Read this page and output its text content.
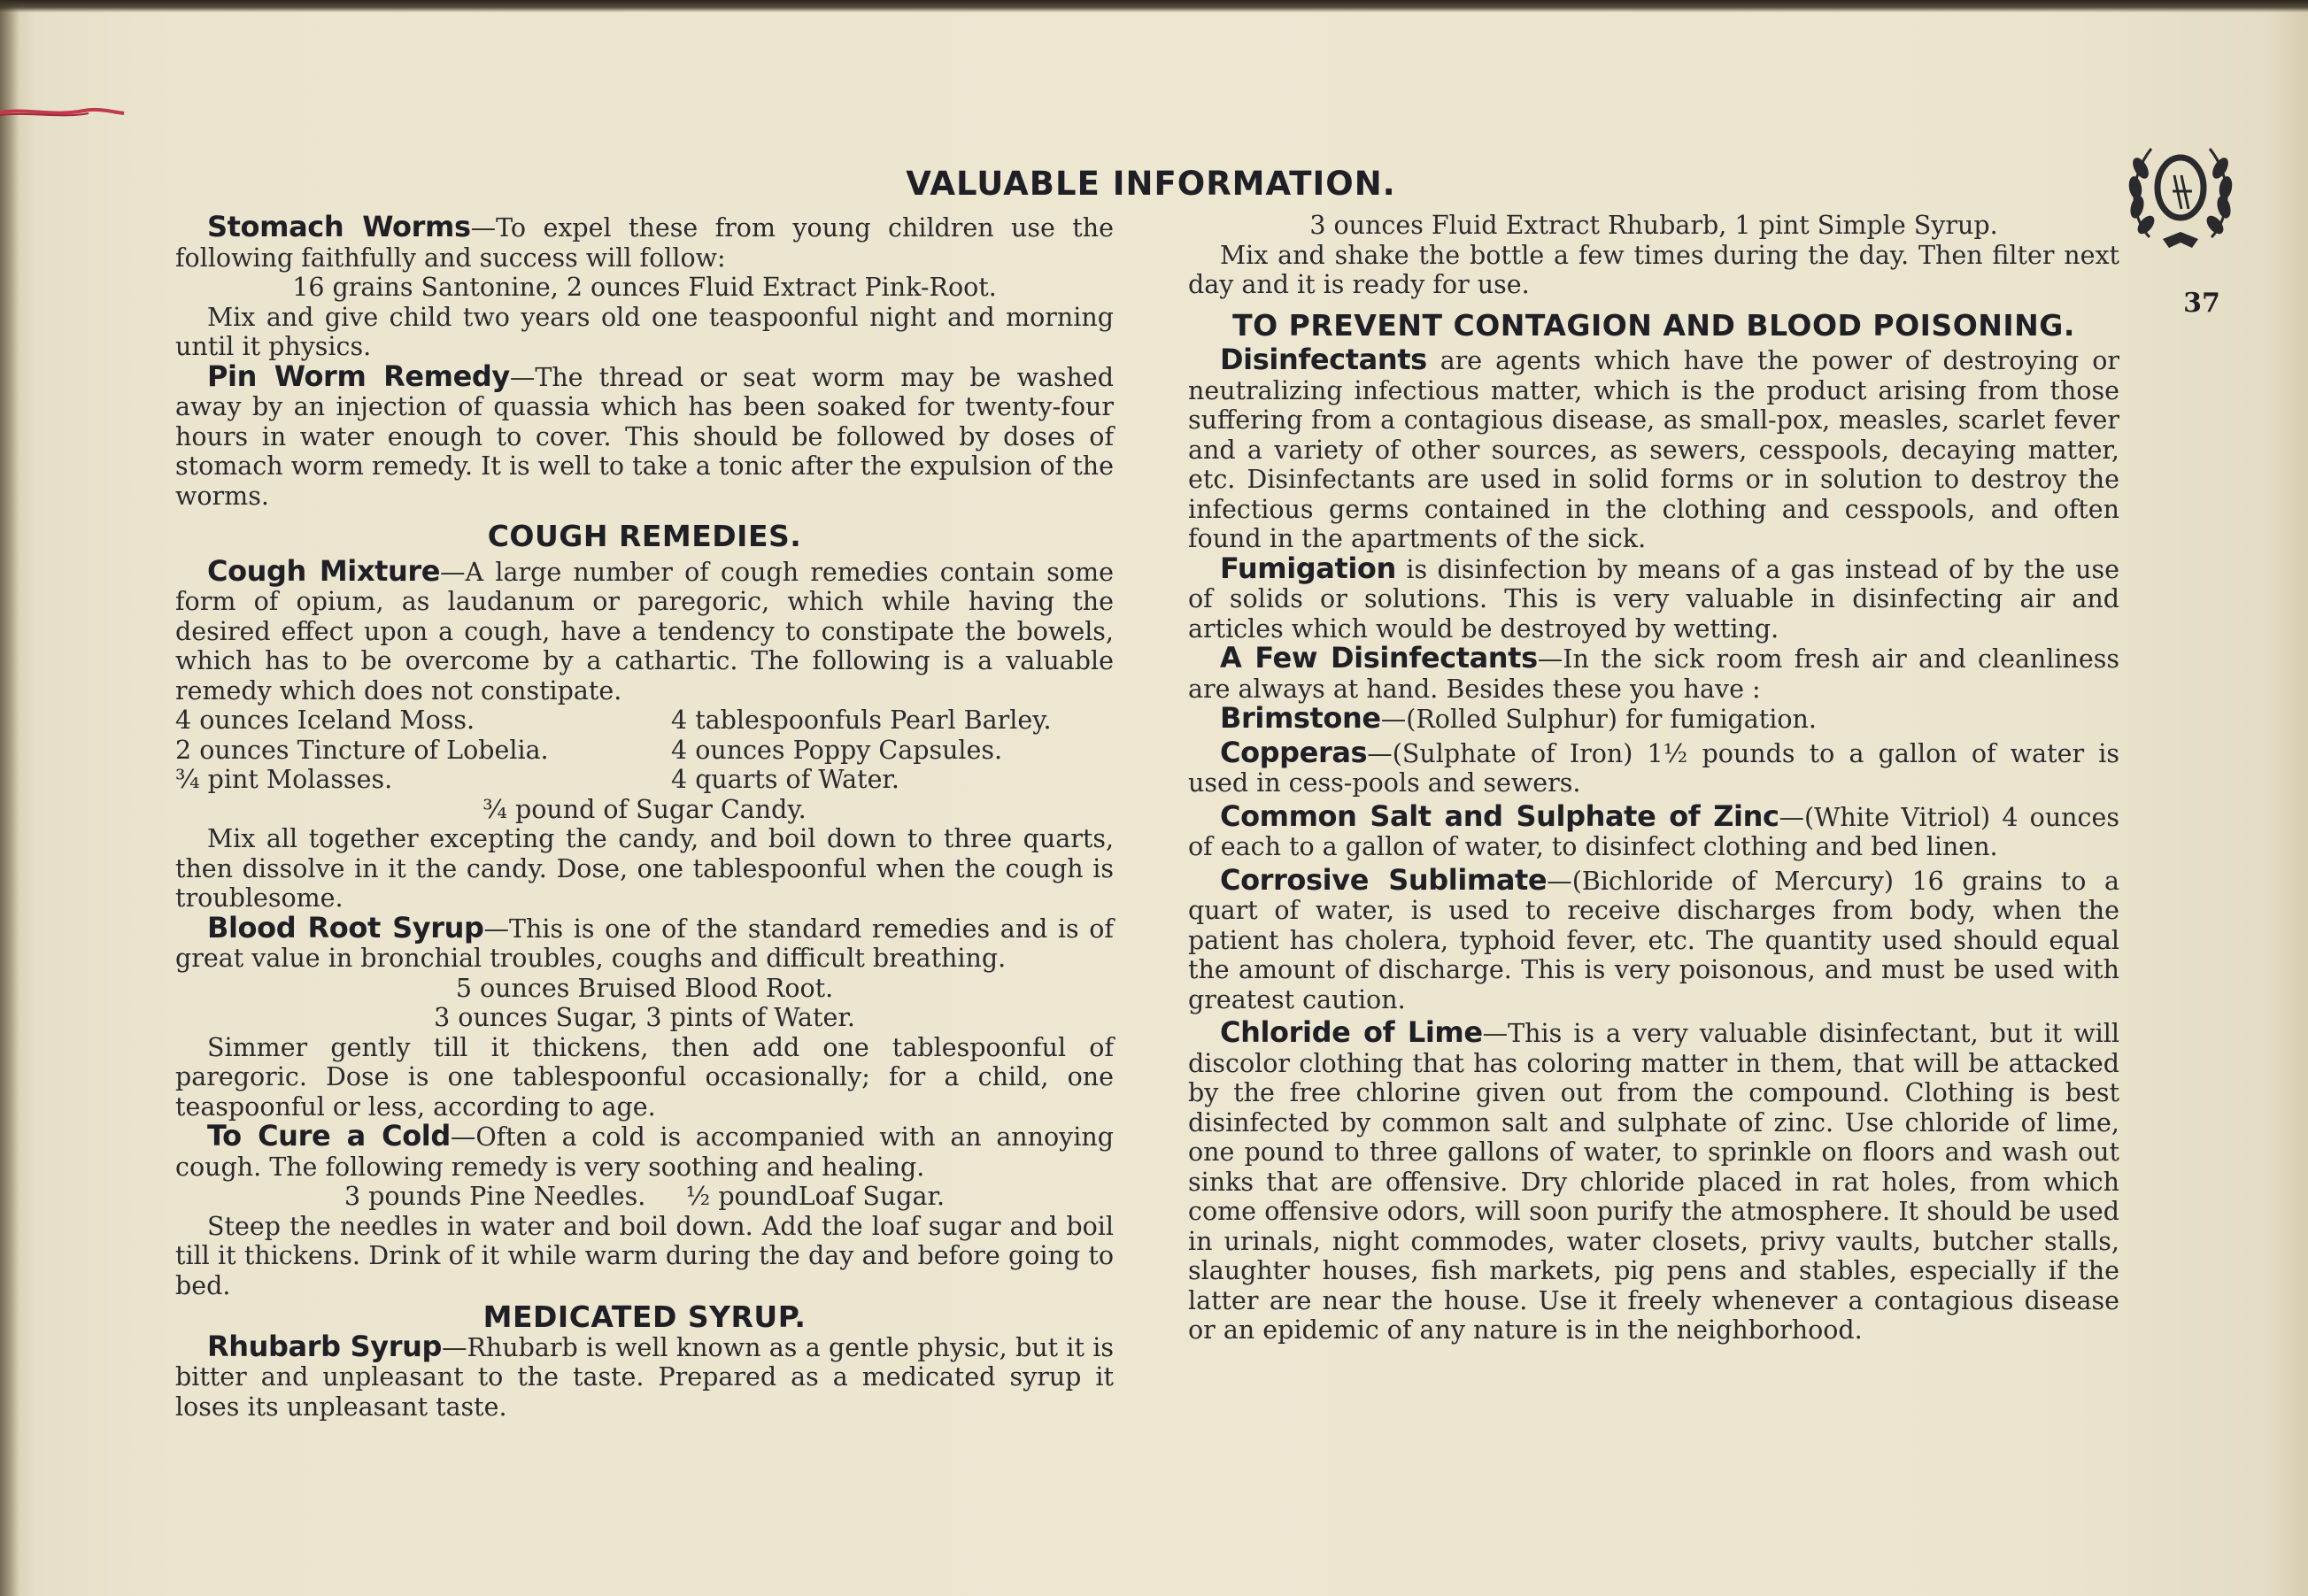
VALUABLE INFORMATION.
37

Stomach Worms—To expel these from young children use the following faithfully and success will follow:

16 grains Santonine, 2 ounces Fluid Extract Pink-Root.

Mix and give child two years old one teaspoonful night and morning until it physics.

Pin Worm Remedy—The thread or seat worm may be washed away by an injection of quassia which has been soaked for twenty-four hours in water enough to cover. This should be followed by doses of stomach worm remedy. It is well to take a tonic after the expulsion of the worms.

COUGH REMEDIES.

Cough Mixture—A large number of cough remedies contain some form of opium, as laudanum or paregoric, which while having the desired effect upon a cough, have a tendency to constipate the bowels, which has to be overcome by a cathartic. The following is a valuable remedy which does not constipate.

4 ounces Iceland Moss.	4 tablespoonfuls Pearl Barley.
2 ounces Tincture of Lobelia.	4 ounces Poppy Capsules.
¾ pint Molasses.	4 quarts of Water.

¾ pound of Sugar Candy.

Mix all together excepting the candy, and boil down to three quarts, then dissolve in it the candy. Dose, one tablespoonful when the cough is troublesome.

Blood Root Syrup—This is one of the standard remedies and is of great value in bronchial troubles, coughs and difficult breathing.

5 ounces Bruised Blood Root.

3 ounces Sugar, 3 pints of Water.

Simmer gently till it thickens, then add one tablespoonful of paregoric. Dose is one tablespoonful occasionally; for a child, one teaspoonful or less, according to age.

To Cure a Cold—Often a cold is accompanied with an annoying cough. The following remedy is very soothing and healing.

3 pounds Pine Needles.     ½ poundLoaf Sugar.

Steep the needles in water and boil down. Add the loaf sugar and boil till it thickens. Drink of it while warm during the day and before going to bed.

MEDICATED SYRUP.

Rhubarb Syrup—Rhubarb is well known as a gentle physic, but it is bitter and unpleasant to the taste. Prepared as a medicated syrup it loses its unpleasant taste.

3 ounces Fluid Extract Rhubarb, 1 pint Simple Syrup.

Mix and shake the bottle a few times during the day. Then filter next day and it is ready for use.

TO PREVENT CONTAGION AND BLOOD POISONING.

Disinfectants are agents which have the power of destroying or neutralizing infectious matter, which is the product arising from those suffering from a contagious disease, as small-pox, measles, scarlet fever and a variety of other sources, as sewers, cesspools, decaying matter, etc. Disinfectants are used in solid forms or in solution to destroy the infectious germs contained in the clothing and cesspools, and often found in the apartments of the sick.

Fumigation is disinfection by means of a gas instead of by the use of solids or solutions. This is very valuable in disinfecting air and articles which would be destroyed by wetting.

A Few Disinfectants—In the sick room fresh air and cleanliness are always at hand. Besides these you have :

Brimstone—(Rolled Sulphur) for fumigation.

Copperas—(Sulphate of Iron) 1½ pounds to a gallon of water is used in cess-pools and sewers.

Common Salt and Sulphate of Zinc—(White Vitriol) 4 ounces of each to a gallon of water, to disinfect clothing and bed linen.

Corrosive Sublimate—(Bichloride of Mercury) 16 grains to a quart of water, is used to receive discharges from body, when the patient has cholera, typhoid fever, etc. The quantity used should equal the amount of discharge. This is very poisonous, and must be used with greatest caution.

Chloride of Lime—This is a very valuable disinfectant, but it will discolor clothing that has coloring matter in them, that will be attacked by the free chlorine given out from the compound. Clothing is best disinfected by common salt and sulphate of zinc. Use chloride of lime, one pound to three gallons of water, to sprinkle on floors and wash out sinks that are offensive. Dry chloride placed in rat holes, from which come offensive odors, will soon purify the atmosphere. It should be used in urinals, night commodes, water closets, privy vaults, butcher stalls, slaughter houses, fish markets, pig pens and stables, especially if the latter are near the house. Use it freely whenever a contagious disease or an epidemic of any nature is in the neighborhood.
